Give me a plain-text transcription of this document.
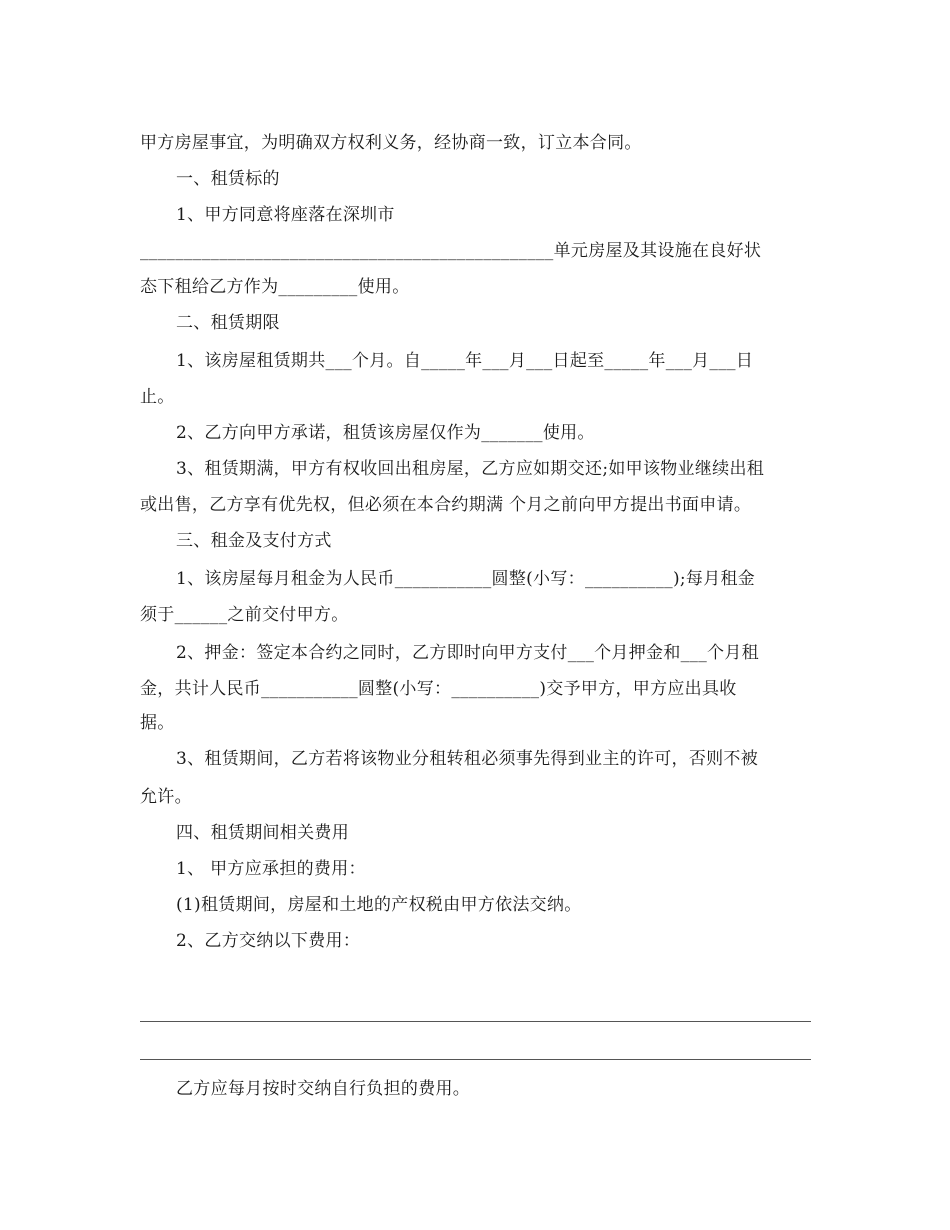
甲方房屋事宜，为明确双方权利义务，经协商一致，订立本合同。
一、租赁标的
1、甲方同意将座落在深圳市
_______________________________________________单元房屋及其设施在良好状
态下租给乙方作为_________使用。
二、租赁期限
1、该房屋租赁期共___个月。自_____年___月___日起至_____年___月___日
止。
2、乙方向甲方承诺，租赁该房屋仅作为_______使用。
3、租赁期满，甲方有权收回出租房屋，乙方应如期交还;如甲该物业继续出租
或出售，乙方享有优先权，但必须在本合约期满 个月之前向甲方提出书面申请。
三、租金及支付方式
1、该房屋每月租金为人民币___________圆整(小写：__________);每月租金
须于______之前交付甲方。
2、押金：签定本合约之同时，乙方即时向甲方支付___个月押金和___个月租
金，共计人民币___________圆整(小写：__________)交予甲方，甲方应出具收
据。
3、租赁期间，乙方若将该物业分租转租必须事先得到业主的许可，否则不被
允许。
四、租赁期间相关费用
1、 甲方应承担的费用：
(1)租赁期间，房屋和土地的产权税由甲方依法交纳。
2、乙方交纳以下费用：
乙方应每月按时交纳自行负担的费用。
